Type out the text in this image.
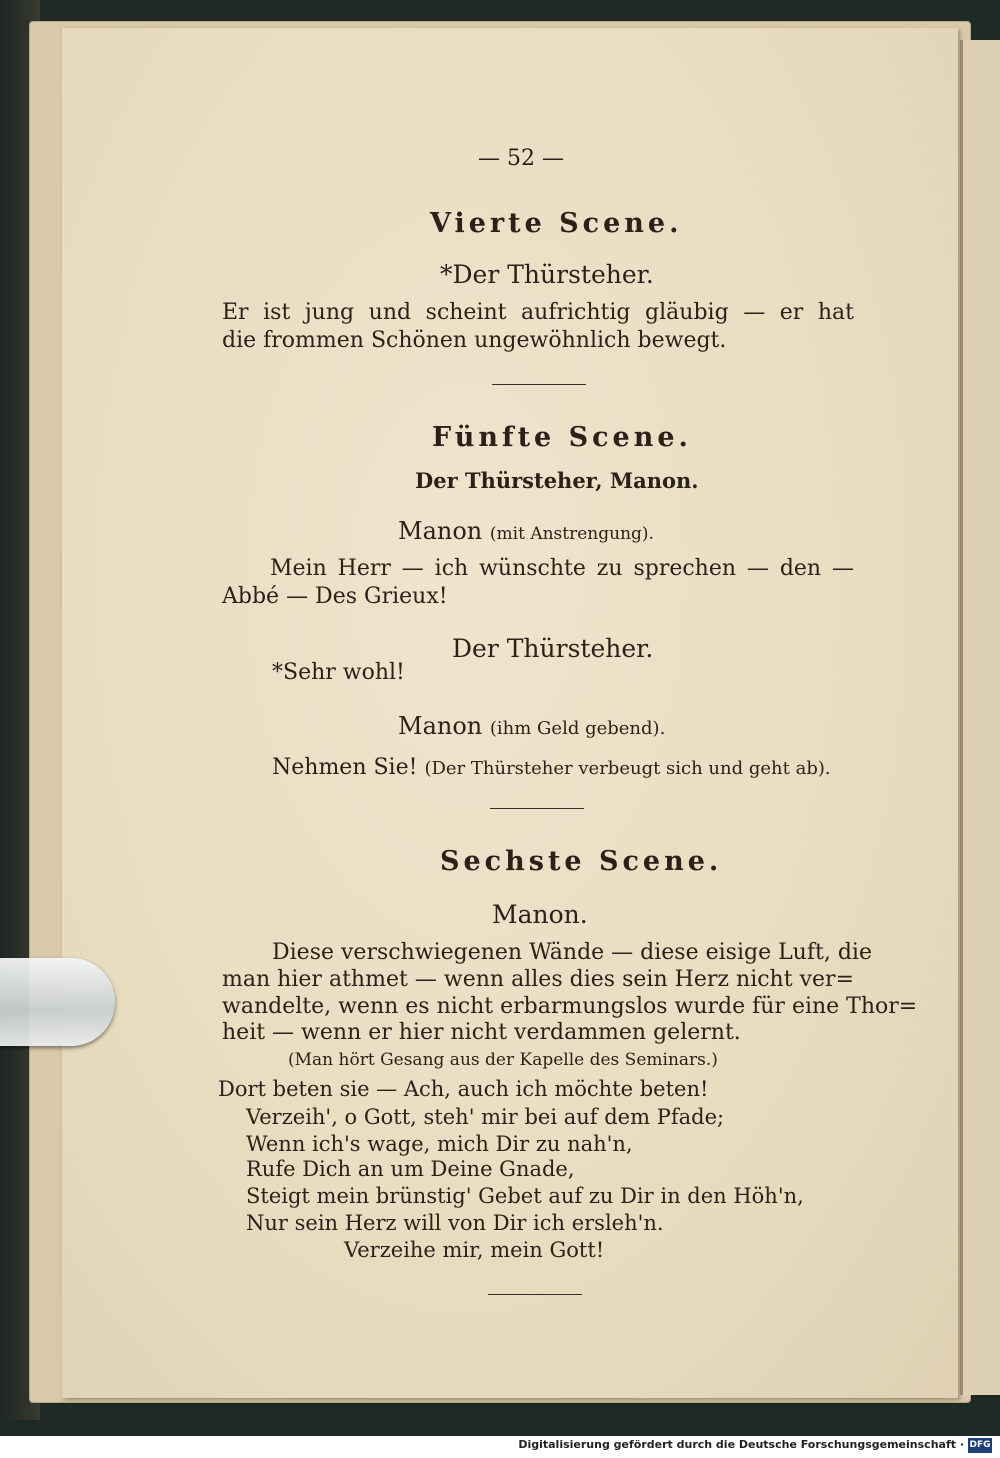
— 52 —
Vierte Scene.
*Der Thürsteher.
Er ist jung und scheint aufrichtig gläubig — er hat
die frommen Schönen ungewöhnlich bewegt.
Fünfte Scene.
Der Thürsteher, Manon.
Manon (mit Anstrengung).
Mein Herr — ich wünschte zu sprechen — den —
Abbé — Des Grieux!
Der Thürsteher.
*Sehr wohl!
Manon (ihm Geld gebend).
Nehmen Sie! (Der Thürsteher verbeugt sich und geht ab).
Sechste Scene.
Manon.
Diese verschwiegenen Wände — diese eisige Luft, die
man hier athmet — wenn alles dies sein Herz nicht ver=
wandelte, wenn es nicht erbarmungslos wurde für eine Thor=
heit — wenn er hier nicht verdammen gelernt.
(Man hört Gesang aus der Kapelle des Seminars.)
Dort beten sie — Ach, auch ich möchte beten!
Verzeih', o Gott, steh' mir bei auf dem Pfade;
Wenn ich's wage, mich Dir zu nah'n,
Rufe Dich an um Deine Gnade,
Steigt mein brünstig' Gebet auf zu Dir in den Höh'n,
Nur sein Herz will von Dir ich ersleh'n.
Verzeihe mir, mein Gott!
Digitalisierung gefördert durch die Deutsche Forschungsgemeinschaft · DFG
